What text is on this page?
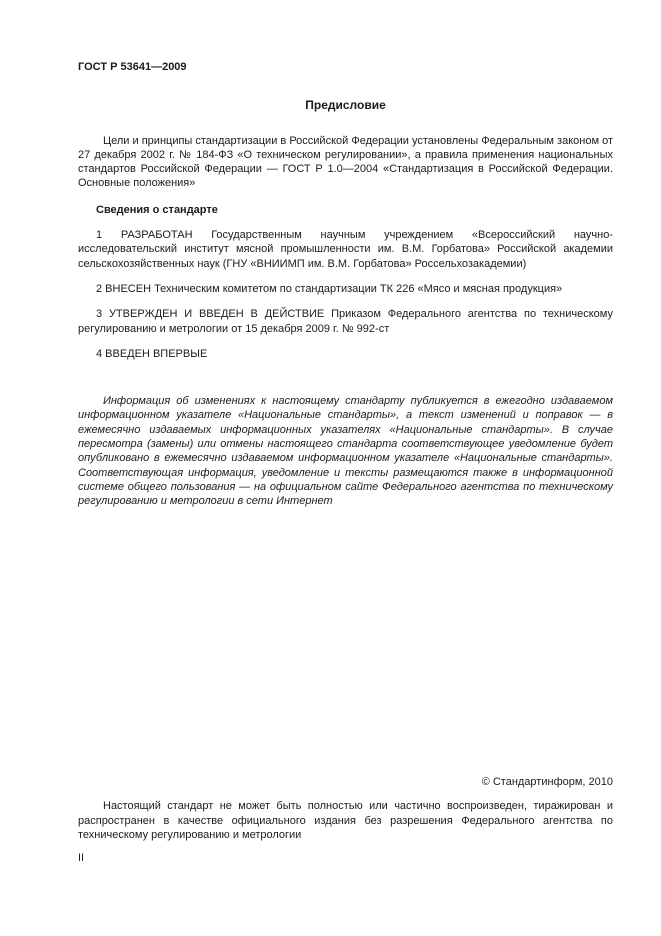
ГОСТ Р 53641—2009
Предисловие

Цели и принципы стандартизации в Российской Федерации установлены Федеральным законом от 27 декабря 2002 г. № 184-ФЗ «О техническом регулировании», а правила применения национальных стандартов Российской Федерации — ГОСТ Р 1.0—2004 «Стандартизация в Российской Федерации. Основные положения»

Сведения о стандарте

1 РАЗРАБОТАН Государственным научным учреждением «Всероссийский научно-исследовательский институт мясной промышленности им. В.М. Горбатова» Российской академии сельскохозяйственных наук (ГНУ «ВНИИМП им. В.М. Горбатова» Россельхозакадемии)

2 ВНЕСЕН Техническим комитетом по стандартизации ТК 226 «Мясо и мясная продукция»

3 УТВЕРЖДЕН И ВВЕДЕН В ДЕЙСТВИЕ Приказом Федерального агентства по техническому регулированию и метрологии от 15 декабря 2009 г. № 992-ст

4 ВВЕДЕН ВПЕРВЫЕ

Информация об изменениях к настоящему стандарту публикуется в ежегодно издаваемом информационном указателе «Национальные стандарты», а текст изменений и поправок — в ежемесячно издаваемых информационных указателях «Национальные стандарты». В случае пересмотра (замены) или отмены настоящего стандарта соответствующее уведомление будет опубликовано в ежемесячно издаваемом информационном указателе «Национальные стандарты». Соответствующая информация, уведомление и тексты размещаются также в информационной системе общего пользования — на официальном сайте Федерального агентства по техническому регулированию и метрологии в сети Интернет

© Стандартинформ, 2010

Настоящий стандарт не может быть полностью или частично воспроизведен, тиражирован и распространен в качестве официального издания без разрешения Федерального агентства по техническому регулированию и метрологии

II
